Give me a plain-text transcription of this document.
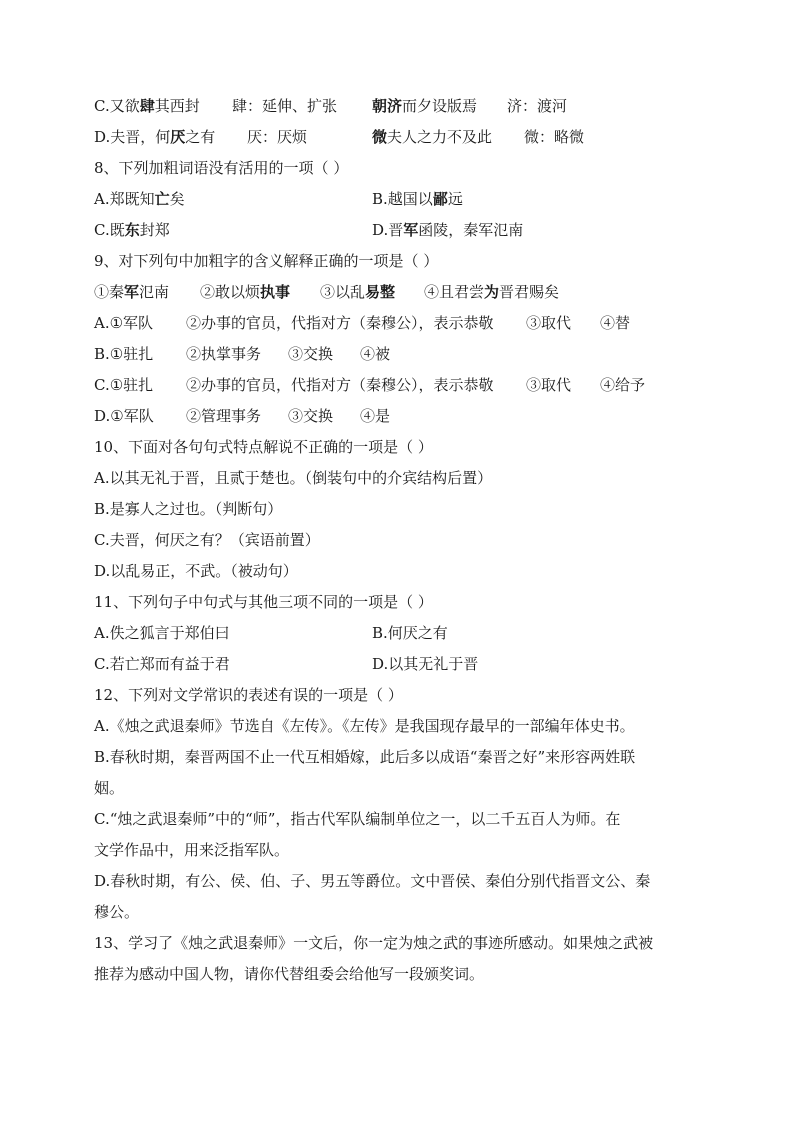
C.又欲肆其西封 肆：延伸、扩张 朝济而夕设版焉 济：渡河
D.夫晋，何厌之有 厌：厌烦	微夫人之力不及此 微：略微
8、下列加粗词语没有活用的一项（ ）
A.郑既知亡矣	B.越国以鄙远
C.既东封郑	D.晋军函陵，秦军氾南
9、对下列句中加粗字的含义解释正确的一项是（ ）
①秦军氾南 ②敢以烦执事 ③以乱易整 ④且君尝为晋君赐矣
A.①军队 ②办事的官员，代指对方（秦穆公），表示恭敬 ③取代 ④替
B.①驻扎 ②执掌事务 ③交换 ④被
C.①驻扎 ②办事的官员，代指对方（秦穆公），表示恭敬 ③取代 ④给予
D.①军队 ②管理事务 ③交换 ④是
10、下面对各句句式特点解说不正确的一项是（ ）
A.以其无礼于晋，且贰于楚也。（倒装句中的介宾结构后置）
B.是寡人之过也。（判断句）
C.夫晋，何厌之有？（宾语前置）
D.以乱易正，不武。（被动句）
11、下列句子中句式与其他三项不同的一项是（ ）
A.佚之狐言于郑伯曰	B.何厌之有
C.若亡郑而有益于君	D.以其无礼于晋
12、下列对文学常识的表述有误的一项是（ ）
A.《烛之武退秦师》节选自《左传》。《左传》是我国现存最早的一部编年体史书。
B.春秋时期，秦晋两国不止一代互相婚嫁，此后多以成语“秦晋之好”来形容两姓联
姻。
C.“烛之武退秦师”中的“师”，指古代军队编制单位之一，以二千五百人为师。在
文学作品中，用来泛指军队。
D.春秋时期，有公、侯、伯、子、男五等爵位。文中晋侯、秦伯分别代指晋文公、秦
穆公。
13、学习了《烛之武退秦师》一文后，你一定为烛之武的事迹所感动。如果烛之武被
推荐为感动中国人物，请你代替组委会给他写一段颁奖词。
